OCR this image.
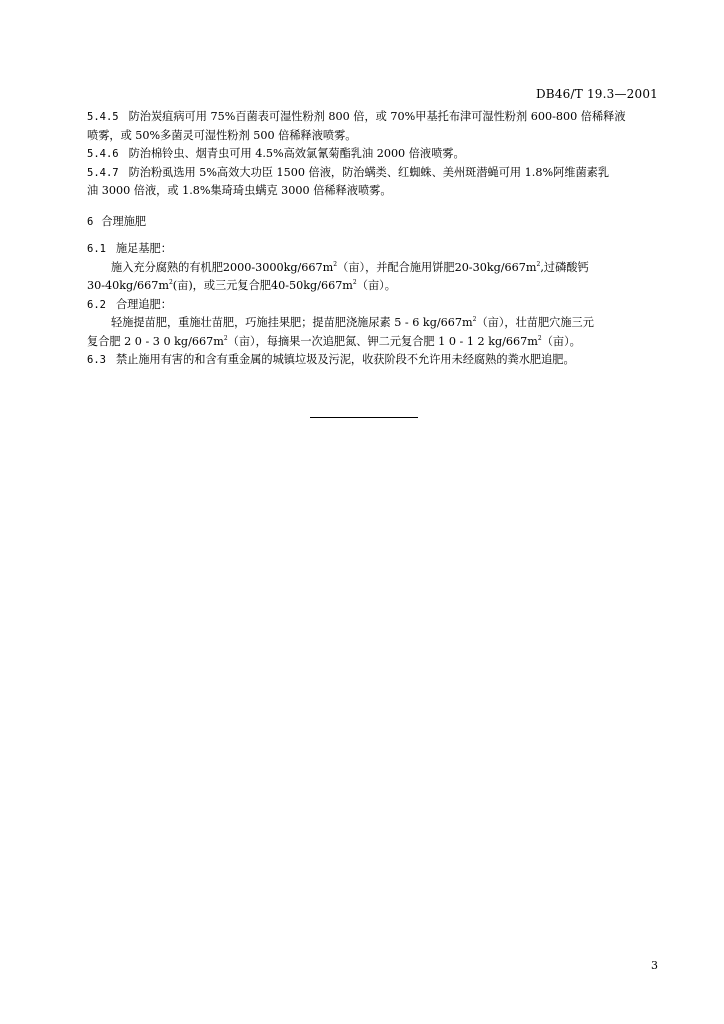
DB46/T 19.3—2001
5.4.5 防治炭疽病可用 75%百菌表可湿性粉剂 800 倍，或 70%甲基托布津可湿性粉剂 600-800 倍稀释液
喷雾，或 50%多菌灵可湿性粉剂 500 倍稀释液喷雾。
5.4.6 防治棉铃虫、烟青虫可用 4.5%高效氯氰菊酯乳油 2000 倍液喷雾。
5.4.7 防治粉虱选用 5%高效大功臣 1500 倍液，防治螨类、红蜘蛛、美州斑潜蝇可用 1.8%阿维菌素乳
油 3000 倍液，或 1.8%集琦琦虫螨克 3000 倍稀释液喷雾。
6 合理施肥
6.1 施足基肥：
施入充分腐熟的有机肥$2000-3000kg/667m^2$（亩），并配合施用饼肥$20-30kg/667m^2$,过磷酸钙
$30-40kg/667m^2$(亩)，或三元复合肥$40-50kg/667m^2$（亩）。
6.2 合理追肥：
轻施提苗肥，重施壮苗肥，巧施挂果肥；提苗肥浇施尿素 5 - 6 $kg/667m^2$（亩），壮苗肥穴施三元
复合肥 2 0 - 3 0 $kg/667m^2$（亩），每摘果一次追肥氮、钾二元复合肥 1 0 - 1 2 $kg/667m^2$（亩）。
6.3 禁止施用有害的和含有重金属的城镇垃圾及污泥，收获阶段不允许用未经腐熟的粪水肥追肥。
3
